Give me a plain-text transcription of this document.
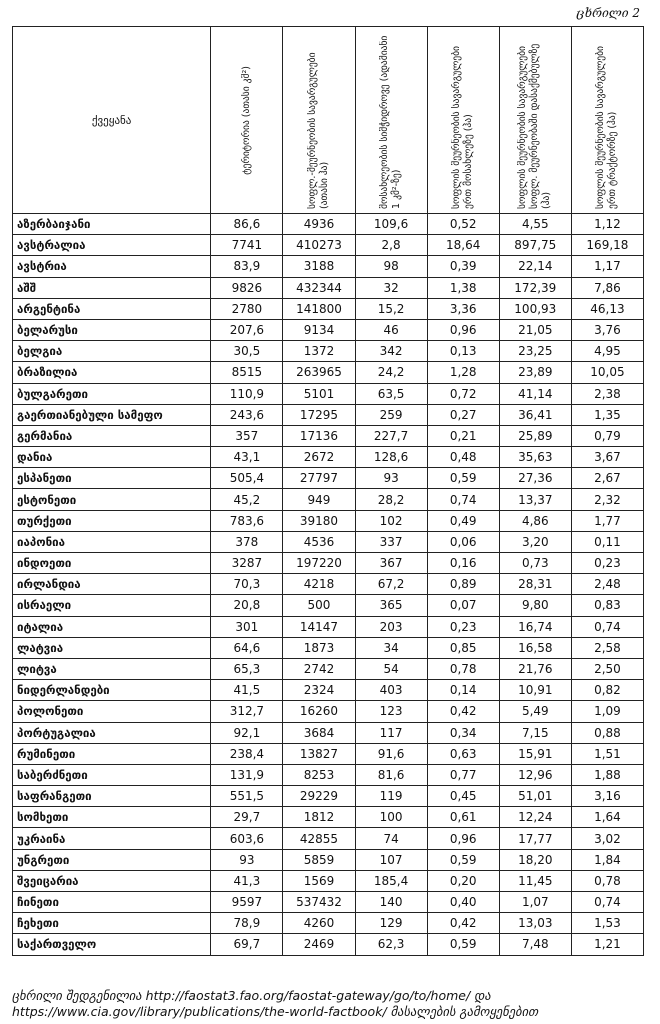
ცხრილი 2
ქვეყანა	ტერიტორია (ათასი კმ²)	სოფლ.-მეურნეობის სავარგულები (ათასი ჰა)	მოსახლეობის სიმჭიდროვე (ადამიანი 1 კმ²-ზე)	სოფლის მეურნეობის სავარგულები ერთ მოსახლეზე (ჰა)	სოფლის მეურნეობის სავარგულები სოფლ. მეურნეობაში დასაქმებულზე (ჰა)	სოფლის მეურნეობის სავარგულები ერთ ტრაქტორზე (ჰა)

აზერბაიჯანი	86,6	4936	109,6	0,52	4,55	1,12
ავსტრალია	7741	410273	2,8	18,64	897,75	169,18
ავსტრია	83,9	3188	98	0,39	22,14	1,17
აშშ	9826	432344	32	1,38	172,39	7,86
არგენტინა	2780	141800	15,2	3,36	100,93	46,13
ბელარუსი	207,6	9134	46	0,96	21,05	3,76
ბელგია	30,5	1372	342	0,13	23,25	4,95
ბრაზილია	8515	263965	24,2	1,28	23,89	10,05
ბულგარეთი	110,9	5101	63,5	0,72	41,14	2,38
გაერთიანებული სამეფო	243,6	17295	259	0,27	36,41	1,35
გერმანია	357	17136	227,7	0,21	25,89	0,79
დანია	43,1	2672	128,6	0,48	35,63	3,67
ესპანეთი	505,4	27797	93	0,59	27,36	2,67
ესტონეთი	45,2	949	28,2	0,74	13,37	2,32
თურქეთი	783,6	39180	102	0,49	4,86	1,77
იაპონია	378	4536	337	0,06	3,20	0,11
ინდოეთი	3287	197220	367	0,16	0,73	0,23
ირლანდია	70,3	4218	67,2	0,89	28,31	2,48
ისრაელი	20,8	500	365	0,07	9,80	0,83
იტალია	301	14147	203	0,23	16,74	0,74
ლატვია	64,6	1873	34	0,85	16,58	2,58
ლიტვა	65,3	2742	54	0,78	21,76	2,50
ნიდერლანდები	41,5	2324	403	0,14	10,91	0,82
პოლონეთი	312,7	16260	123	0,42	5,49	1,09
პორტუგალია	92,1	3684	117	0,34	7,15	0,88
რუმინეთი	238,4	13827	91,6	0,63	15,91	1,51
საბერძნეთი	131,9	8253	81,6	0,77	12,96	1,88
საფრანგეთი	551,5	29229	119	0,45	51,01	3,16
სომხეთი	29,7	1812	100	0,61	12,24	1,64
უკრაინა	603,6	42855	74	0,96	17,77	3,02
უნგრეთი	93	5859	107	0,59	18,20	1,84
შვეიცარია	41,3	1569	185,4	0,20	11,45	0,78
ჩინეთი	9597	537432	140	0,40	1,07	0,74
ჩეხეთი	78,9	4260	129	0,42	13,03	1,53
საქართველო	69,7	2469	62,3	0,59	7,48	1,21
ცხრილი შედგენილია http://faostat3.fao.org/faostat-gateway/go/to/home/ და https://www.cia.gov/library/publications/the-world-factbook/ მასალების გამოყენებით
